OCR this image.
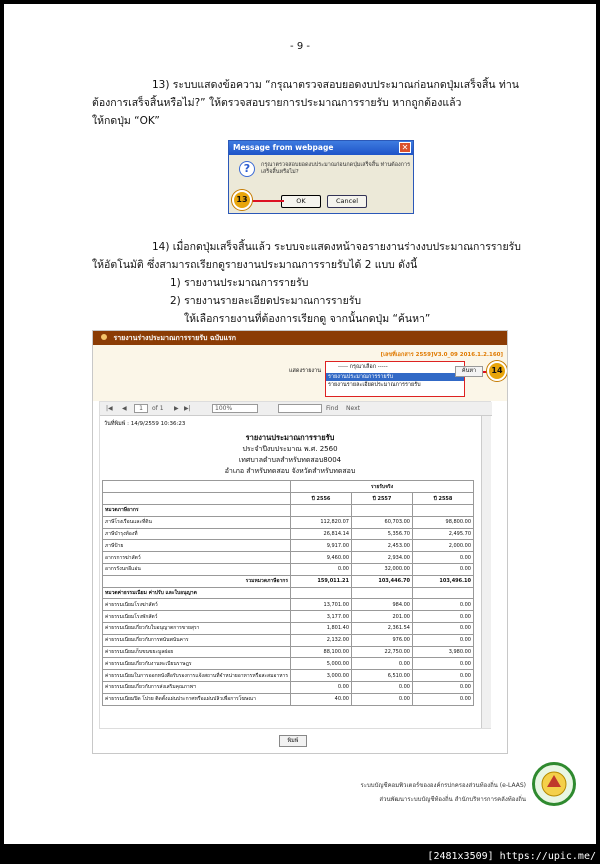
- 9 -
13) ระบบแสดงข้อความ “กรุณาตรวจสอบยอดงบประมาณก่อนกดปุ่มเสร็จสิ้น ท่าน
ต้องการเสร็จสิ้นหรือไม่?” ให้ตรวจสอบรายการประมาณการรายรับ หากถูกต้องแล้ว
ให้กดปุ่ม “OK”
Message from webpage	✕
?	กรุณาตรวจสอบยอดงบประมาณก่อนกดปุ่มเสร็จสิ้น ท่านต้องการเสร็จสิ้นหรือไม่?
OK	Cancel
13
14) เมื่อกดปุ่มเสร็จสิ้นแล้ว ระบบจะแสดงหน้าจอรายงานร่างงบประมาณการรายรับ
ให้อัตโนมัติ ซึ่งสามารถเรียกดูรายงานประมาณการรายรับได้ 2 แบบ ดังนี้
1) รายงานประมาณการรายรับ
2) รายงานรายละเอียดประมาณการรายรับ
ให้เลือกรายงานที่ต้องการเรียกดู จากนั้นกดปุ่ม “ค้นหา”
รายงานร่างประมาณการรายรับ ฉบับแรก
[เลขที่เอกสาร 2559]V3.0_09 2016.1.2.160]
แสดงรายงาน
----- กรุณาเลือก -----
รายงานประมาณการรายรับ
รายงานรายละเอียดประมาณการรายรับ
ค้นหา	14
|◀ ◀	1	of 1 ▶ ▶|	100%	Find Next
วันที่พิมพ์ : 14/9/2559 10:36:23
รายงานประมาณการรายรับ
ประจำปีงบประมาณ พ.ศ. 2560
เทศบาลตำบลสำหรับทดสอบ8004
อำเภอ สำหรับทดสอบ จังหวัดสำหรับทดสอบ
	รายรับจริง		
	ปี 2556	ปี 2557	ปี 2558
หมวดภาษีอากร			
ภาษีโรงเรือนและที่ดิน	112,820.07	60,703.00	98,800.00
ภาษีบำรุงท้องที่	26,814.14	5,356.70	2,495.70
ภาษีป้าย	9,917.00	2,453.00	2,000.00
อากรการฆ่าสัตว์	9,460.00	2,934.00	0.00
อากรรังนกอีแอ่น	0.00	32,000.00	0.00
รวมหมวดภาษีอากร	159,011.21	103,446.70	103,496.10
หมวดค่าธรรมเนียม ค่าปรับ และใบอนุญาต			
ค่าธรรมเนียมโรงฆ่าสัตว์	13,701.00	984.00	0.00
ค่าธรรมเนียมโรงพักสัตว์	3,177.00	201.00	0.00
ค่าธรรมเนียมเกี่ยวกับใบอนุญาตการขายสุรา	1,801.40	2,361.54	0.00
ค่าธรรมเนียมเกี่ยวกับการพนันพนันคาร	2,132.00	976.00	0.00
ค่าธรรมเนียมเก็บขนขยะมูลฝอย	88,100.00	22,750.00	3,980.00
ค่าธรรมเนียมเกี่ยวกับงานทะเบียนราษฎร	5,000.00	0.00	0.00
ค่าธรรมเนียมในการออกหนังสือรับรองการแจ้งสถานที่จำหน่ายอาหารหรือสะสมอาหาร	3,000.00	6,510.00	0.00
ค่าธรรมเนียมเกี่ยวกับการส่งเสริมคุณภาพฯ	0.00	0.00	0.00
ค่าธรรมเนียมปิด โปรย ติดตั้งแผ่นประกาศหรือแผ่นปลิวเพื่อการโฆษณา	40.00	0.00	0.00
พิมพ์
ระบบบัญชีคอมพิวเตอร์ขององค์กรปกครองส่วนท้องถิ่น (e-LAAS)
ส่วนพัฒนาระบบบัญชีท้องถิ่น สำนักบริหารการคลังท้องถิ่น
[2481x3509] https://upic.me/
